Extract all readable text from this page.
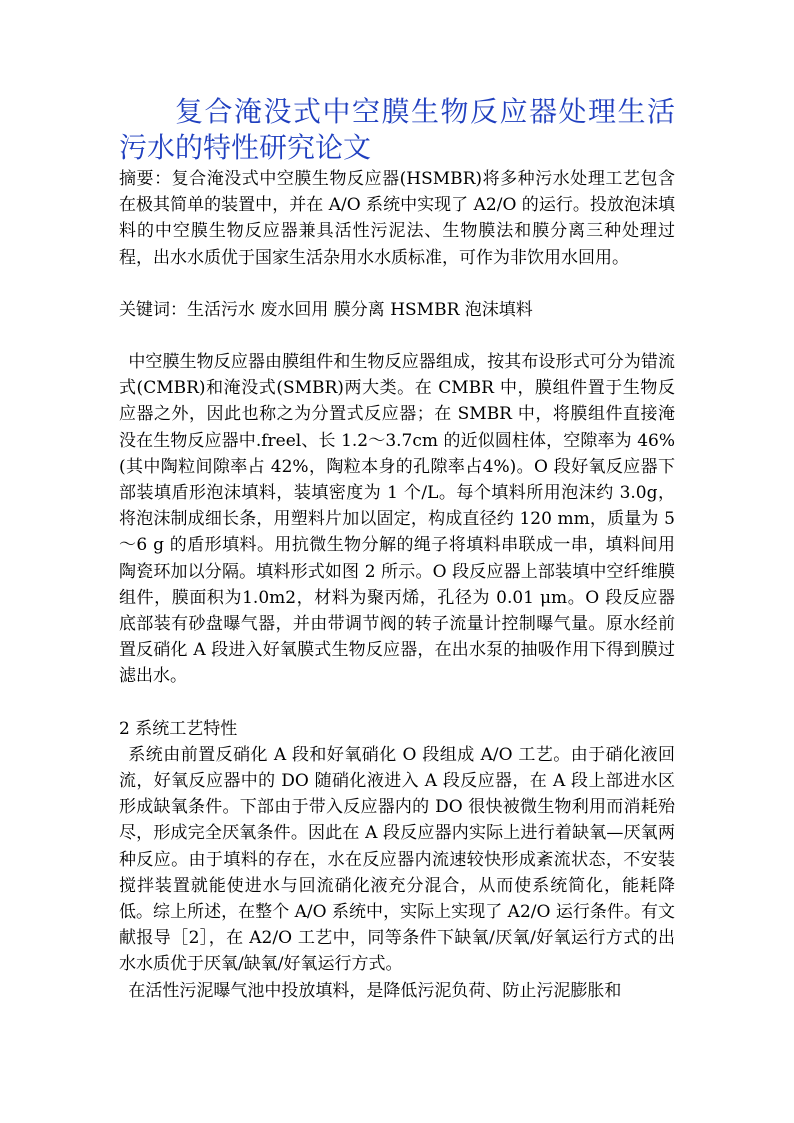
复合淹没式中空膜生物反应器处理生活污水的特性研究论文

摘要：复合淹没式中空膜生物反应器(HSMBR)将多种污水处理工艺包含在极其简单的装置中，并在 A/O 系统中实现了 A2/O 的运行。投放泡沫填料的中空膜生物反应器兼具活性污泥法、生物膜法和膜分离三种处理过程，出水水质优于国家生活杂用水水质标准，可作为非饮用水回用。

关键词：生活污水 废水回用 膜分离 HSMBR 泡沫填料

中空膜生物反应器由膜组件和生物反应器组成，按其布设形式可分为错流式(CMBR)和淹没式(SMBR)两大类。在 CMBR 中，膜组件置于生物反应器之外，因此也称之为分置式反应器；在 SMBR 中，将膜组件直接淹没在生物反应器中.freel、长 1.2～3.7cm 的近似圆柱体，空隙率为 46%(其中陶粒间隙率占 42%，陶粒本身的孔隙率占4%)。O 段好氧反应器下部装填盾形泡沫填料，装填密度为 1 个/L。每个填料所用泡沫约 3.0g，将泡沫制成细长条，用塑料片加以固定，构成直径约 120 mm，质量为 5～6 g 的盾形填料。用抗微生物分解的绳子将填料串联成一串，填料间用陶瓷环加以分隔。填料形式如图 2 所示。O 段反应器上部装填中空纤维膜组件，膜面积为1.0m2，材料为聚丙烯，孔径为 0.01 μm。O 段反应器底部装有砂盘曝气器，并由带调节阀的转子流量计控制曝气量。原水经前置反硝化 A 段进入好氧膜式生物反应器，在出水泵的抽吸作用下得到膜过滤出水。

2 系统工艺特性

系统由前置反硝化 A 段和好氧硝化 O 段组成 A/O 工艺。由于硝化液回流，好氧反应器中的 DO 随硝化液进入 A 段反应器，在 A 段上部进水区形成缺氧条件。下部由于带入反应器内的 DO 很快被微生物利用而消耗殆尽，形成完全厌氧条件。因此在 A 段反应器内实际上进行着缺氧—厌氧两种反应。由于填料的存在，水在反应器内流速较快形成紊流状态，不安装搅拌装置就能使进水与回流硝化液充分混合，从而使系统简化，能耗降低。综上所述，在整个 A/O 系统中，实际上实现了 A2/O 运行条件。有文献报导［2］，在 A2/O 工艺中，同等条件下缺氧/厌氧/好氧运行方式的出水水质优于厌氧/缺氧/好氧运行方式。

在活性污泥曝气池中投放填料，是降低污泥负荷、防止污泥膨胀和
